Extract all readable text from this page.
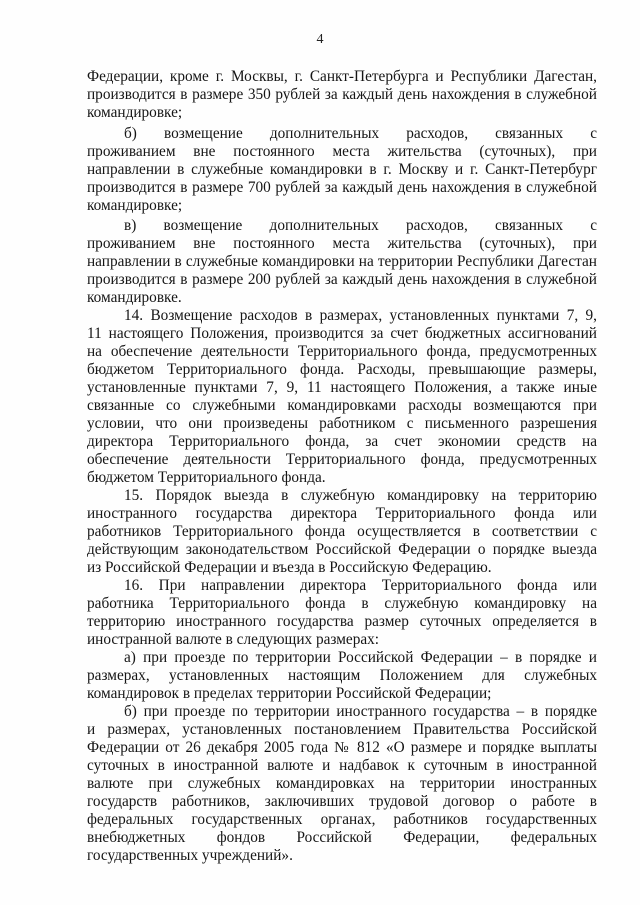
4
Федерации, кроме г. Москвы, г. Санкт-Петербурга и Республики Дагестан,
производится в размере 350 рублей за каждый день нахождения в служебной
командировке;
б) возмещение дополнительных расходов, связанных с
проживанием вне постоянного места жительства (суточных), при
направлении в служебные командировки в г. Москву и г. Санкт-Петербург
производится в размере 700 рублей за каждый день нахождения в служебной
командировке;
в) возмещение дополнительных расходов, связанных с
проживанием вне постоянного места жительства (суточных), при
направлении в служебные командировки на территории Республики Дагестан
производится в размере 200 рублей за каждый день нахождения в служебной
командировке.
14. Возмещение расходов в размерах, установленных пунктами 7, 9,
11 настоящего Положения, производится за счет бюджетных ассигнований
на обеспечение деятельности Территориального фонда, предусмотренных
бюджетом Территориального фонда. Расходы, превышающие размеры,
установленные пунктами 7, 9, 11 настоящего Положения, а также иные
связанные со служебными командировками расходы возмещаются при
условии, что они произведены работником с письменного разрешения
директора Территориального фонда, за счет экономии средств на
обеспечение деятельности Территориального фонда, предусмотренных
бюджетом Территориального фонда.
15. Порядок выезда в служебную командировку на территорию
иностранного государства директора Территориального фонда или
работников Территориального фонда осуществляется в соответствии с
действующим законодательством Российской Федерации о порядке выезда
из Российской Федерации и въезда в Российскую Федерацию.
16. При направлении директора Территориального фонда или
работника Территориального фонда в служебную командировку на
территорию иностранного государства размер суточных определяется в
иностранной валюте в следующих размерах:
а) при проезде по территории Российской Федерации – в порядке и
размерах, установленных настоящим Положением для служебных
командировок в пределах территории Российской Федерации;
б) при проезде по территории иностранного государства – в порядке
и размерах, установленных постановлением Правительства Российской
Федерации от 26 декабря 2005 года № 812 «О размере и порядке выплаты
суточных в иностранной валюте и надбавок к суточным в иностранной
валюте при служебных командировках на территории иностранных
государств работников, заключивших трудовой договор о работе в
федеральных государственных органах, работников государственных
внебюджетных фондов Российской Федерации, федеральных
государственных учреждений».
